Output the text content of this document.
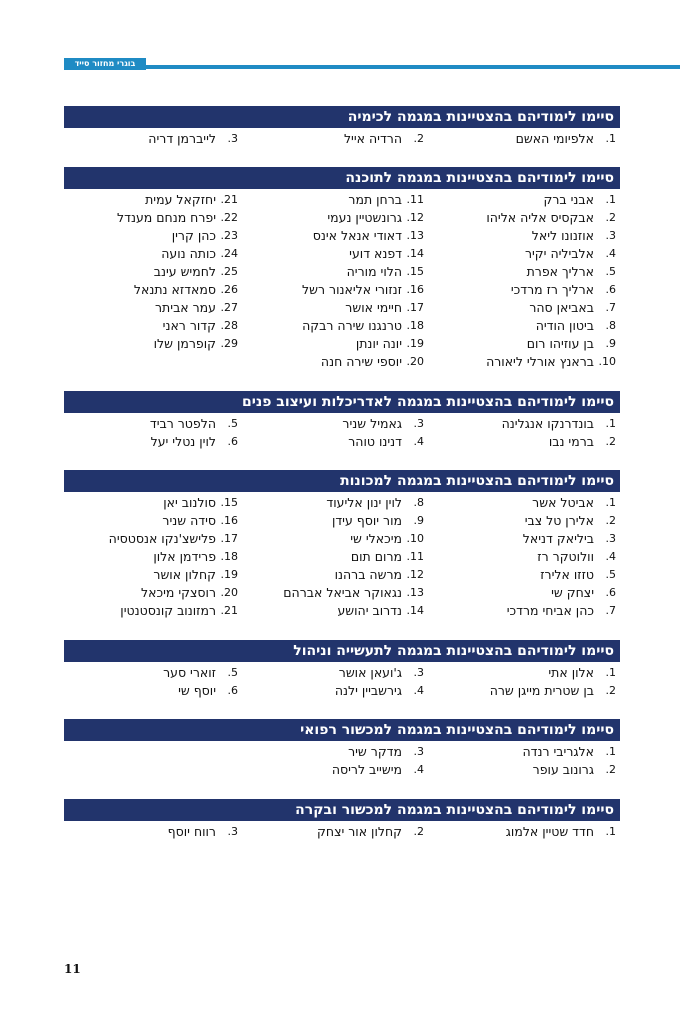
בוגרי מחזור סייד
סיימו לימודיהם בהצטיינות במגמה לכימיה
1.
אלפיומי האשם
2.
הרדיה אייל
3.
לייברמן דריה
סיימו לימודיהם בהצטיינות במגמה לתוכנה
1.
אבני ברק
2.
אבקסיס אליה אליהו
3.
אוזנונו ליאל
4.
אלביליה יקיר
5.
ארליך אפרת
6.
ארליך רז מרדכי
7.
באביאן סהר
8.
ביטון הודיה
9.
בן עוזיהו רום
10.
בראנץ אורלי ליאורה
11.
ברחן תמר
12.
גרונשטיין נעמי
13.
דאודי אנאל אינס
14.
דפנא דועי
15.
הלוי מוריה
16.
זנזורי אליאנור רשל
17.
חיימי אושר
18.
טרנגנו שירה רבקה
19.
יונה יונתן
20.
יוספי שירה חנה
21.
יחזקאל עמית
22.
יפרח מנחם מענדל
23.
כהן קרין
24.
כותה נועה
25.
לחמיש עינב
26.
סמאדזא נתנאל
27.
עמר אביתר
28.
קדור ראני
29.
קופרמן שלו
סיימו לימודיהם בהצטיינות במגמה לאדריכלות ועיצוב פנים
1.
בונדרנקו אנגלינה
2.
ברמי נבו
3.
גאמיל שניר
4.
דנינו טוהר
5.
הלפטר רביד
6.
לוין נטלי יעל
סיימו לימודיהם בהצטיינות במגמה למכונות
1.
אביטל אשר
2.
אלירן טל צבי
3.
ביליאק דניאל
4.
וולוטקר רז
5.
טזזו אלירז
6.
יצחק שי
7.
כהן אביחי מרדכי
8.
לוין ינון אליעוד
9.
מור יוסף עידן
10.
מיכאלי שי
11.
מרום תום
12.
מרשה ברהנו
13.
נגאוקר אביאל אברהם
14.
נדרוב יהושע
15.
סולנוב יאן
16.
סידה שניר
17.
פלישצ'נקו אנסטסיה
18.
פרידמן אלון
19.
קחלון אושר
20.
רוסצקי מיכאל
21.
רמזונוב קונסטנטין
סיימו לימודיהם בהצטיינות במגמה לתעשייה וניהול
1.
אלון אתי
2.
בן שטרית מייגן שרה
3.
ג'ועאן אושר
4.
גירשביין ילנה
5.
זוארי סער
6.
יוסף שי
סיימו לימודיהם בהצטיינות במגמה למכשור רפואי
1.
אלגריבי רנדה
2.
גרונוב עופר
3.
מדקר שיר
4.
מישייב לריסה
סיימו לימודיהם בהצטיינות במגמה למכשור ובקרה
1.
חדד שטיין אלמוג
2.
קחלון אור יצחק
3.
רווח יוסף
11
